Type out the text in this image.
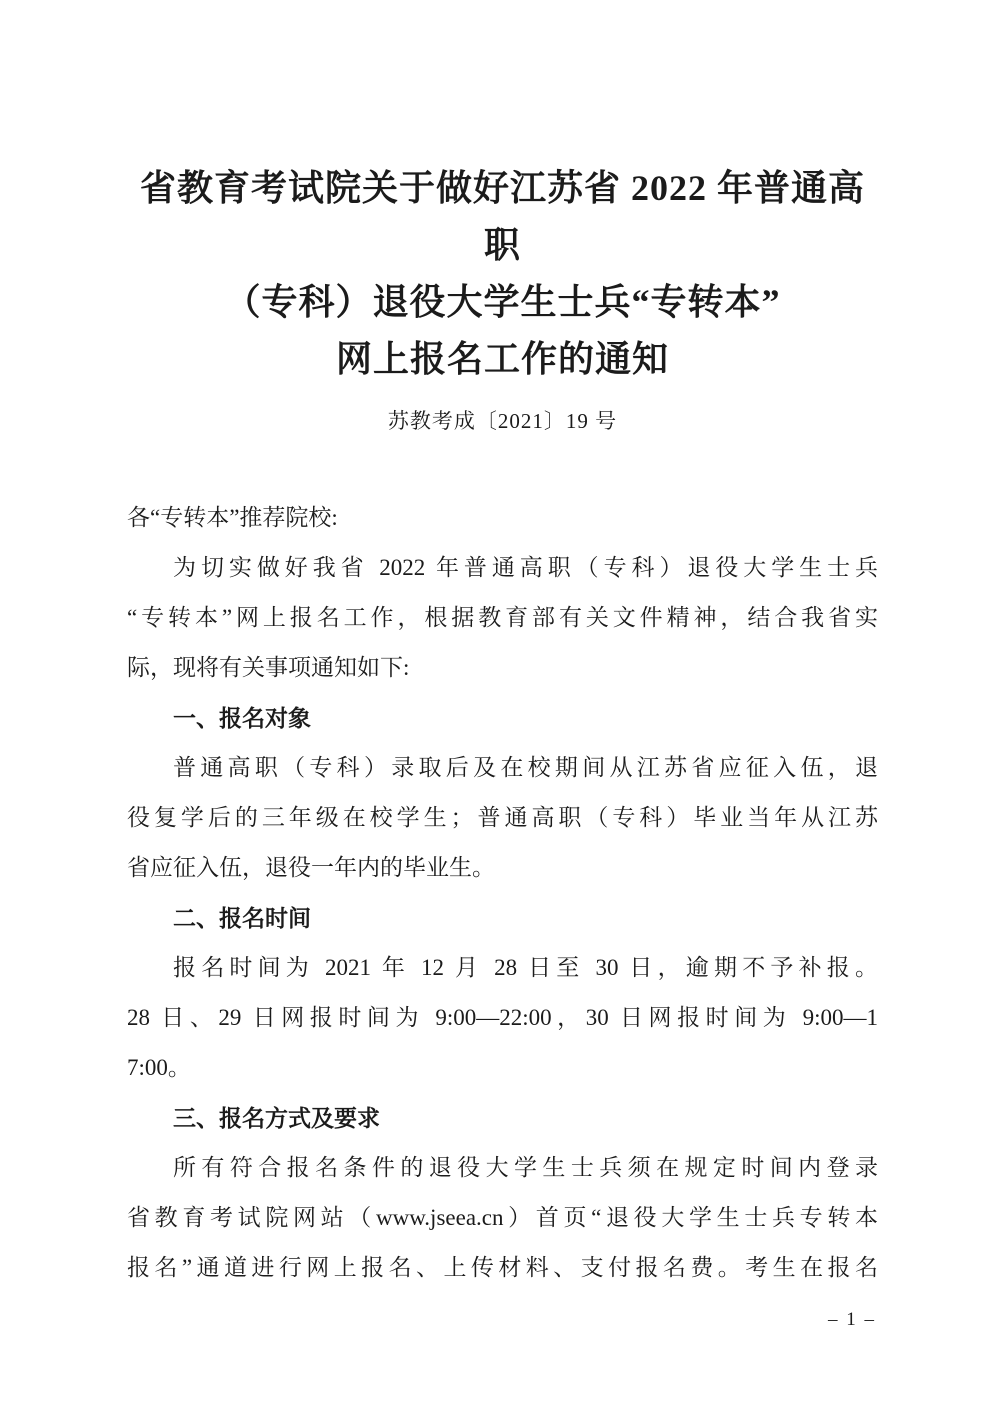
省教育考试院关于做好江苏省 2022 年普通高职
（专科）退役大学生士兵“专转本”
网上报名工作的通知
苏教考成〔2021〕19 号
各“专转本”推荐院校:
为切实做好我省 2022 年普通高职（专科）退役大学生士兵
“专转本”网上报名工作，根据教育部有关文件精神，结合我省实
际，现将有关事项通知如下:
一、报名对象
普通高职（专科）录取后及在校期间从江苏省应征入伍，退
役复学后的三年级在校学生；普通高职（专科）毕业当年从江苏
省应征入伍，退役一年内的毕业生。
二、报名时间
报名时间为 2021 年 12 月 28 日至 30 日，逾期不予补报。
28 日、29 日网报时间为 9:00—22:00，30 日网报时间为 9:00—1
7:00。
三、报名方式及要求
所有符合报名条件的退役大学生士兵须在规定时间内登录
省教育考试院网站（www.jseea.cn）首页“退役大学生士兵专转本
报名”通道进行网上报名、上传材料、支付报名费。考生在报名
– 1 –
